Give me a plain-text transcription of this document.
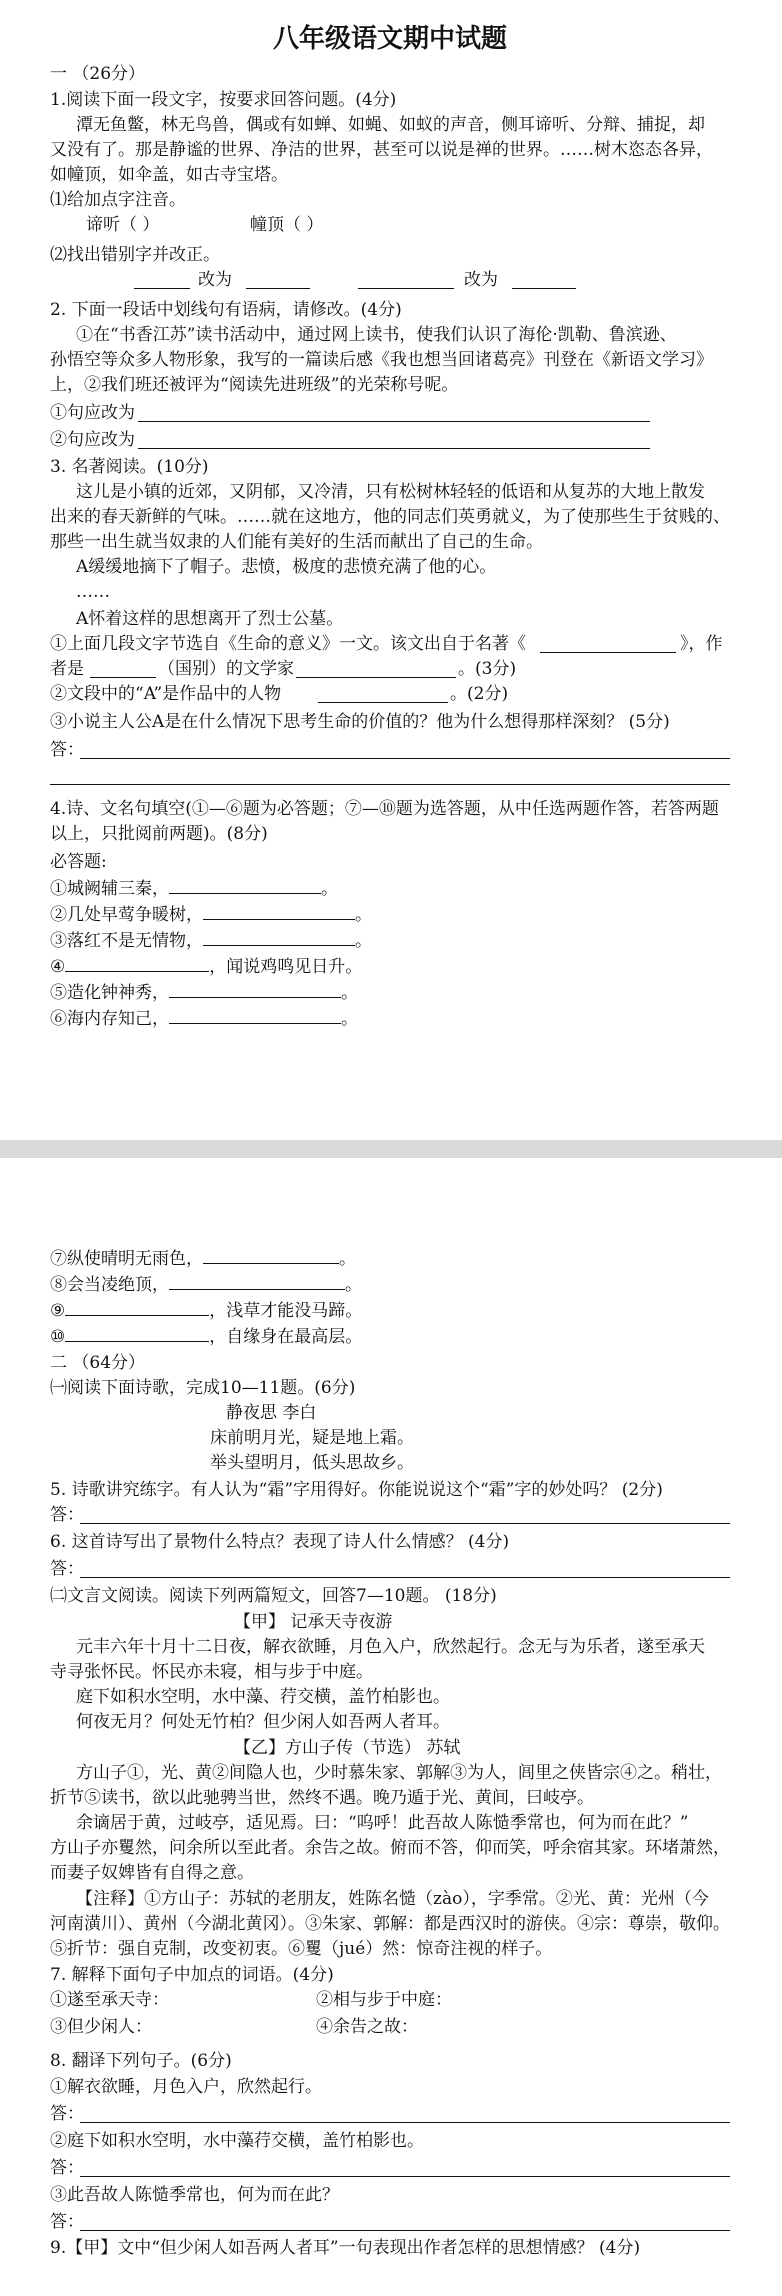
八年级语文期中试题
一 （26分）
1.阅读下面一段文字，按要求回答问题。(4分)
潭无鱼鳖，林无鸟兽，偶或有如蝉、如蝇、如蚁的声音，侧耳谛听、分辩、捕捉，却
又没有了。那是静谧的世界、净洁的世界，甚至可以说是禅的世界。……树木恣态各异，
如幢顶，如伞盖，如古寺宝塔。
⑴给加点字注音。
谛听（ ）	幢顶（ ）
⑵找出错别字并改正。
改为	改为
2. 下面一段话中划线句有语病，请修改。(4分)
①在“书香江苏”读书活动中，通过网上读书，使我们认识了海伦·凯勒、鲁滨逊、
孙悟空等众多人物形象，我写的一篇读后感《我也想当回诸葛亮》刊登在《新语文学习》
上，②我们班还被评为“阅读先进班级”的光荣称号呢。
①句应改为
②句应改为
3. 名著阅读。(10分)
这儿是小镇的近郊，又阴郁，又冷清，只有松树林轻轻的低语和从复苏的大地上散发
出来的春天新鲜的气味。……就在这地方，他的同志们英勇就义，为了使那些生于贫贱的、
那些一出生就当奴隶的人们能有美好的生活而献出了自己的生命。
A缓缓地摘下了帽子。悲愤，极度的悲愤充满了他的心。
……
A怀着这样的思想离开了烈士公墓。
①上面几段文字节选自《生命的意义》一文。该文出自于名著《	》，作
者是	（国别）的文学家	。(3分)
②文段中的“A”是作品中的人物	。(2分)
③小说主人公A是在什么情况下思考生命的价值的？他为什么想得那样深刻？ (5分)
答：
4.诗、文名句填空(①—⑥题为必答题；⑦—⑩题为选答题，从中任选两题作答，若答两题
以上，只批阅前两题)。(8分)
必答题:
①城阙辅三秦，	。
②几处早莺争暖树，	。
③落红不是无情物，	。
④	，闻说鸡鸣见日升。
⑤造化钟神秀，	。
⑥海内存知己，	。
⑦纵使晴明无雨色，	。
⑧会当凌绝顶，	。
⑨	，浅草才能没马蹄。
⑩	，自缘身在最高层。
二 （64分）
㈠阅读下面诗歌，完成10—11题。(6分)
静夜思 李白
床前明月光，疑是地上霜。
举头望明月，低头思故乡。
5. 诗歌讲究练字。有人认为“霜”字用得好。你能说说这个“霜”字的妙处吗？ (2分)
答：
6. 这首诗写出了景物什么特点？表现了诗人什么情感？ (4分)
答：
㈡文言文阅读。阅读下列两篇短文，回答7—10题。 (18分)
【甲】 记承天寺夜游
元丰六年十月十二日夜，解衣欲睡，月色入户，欣然起行。念无与为乐者，遂至承天
寺寻张怀民。怀民亦未寝，相与步于中庭。
庭下如积水空明，水中藻、荇交横，盖竹柏影也。
何夜无月？何处无竹柏？但少闲人如吾两人者耳。
【乙】方山子传（节选） 苏轼
方山子①，光、黄②间隐人也，少时慕朱家、郭解③为人，闾里之侠皆宗④之。稍壮，
折节⑤读书，欲以此驰骋当世，然终不遇。晚乃遁于光、黄间，曰岐亭。
余谪居于黄，过岐亭，适见焉。曰：“呜呼！此吾故人陈慥季常也，何为而在此？”
方山子亦矍然，问余所以至此者。余告之故。俯而不答，仰而笑，呼余宿其家。环堵萧然，
而妻子奴婢皆有自得之意。
【注释】①方山子：苏轼的老朋友，姓陈名慥（zào），字季常。②光、黄：光州（今
河南潢川）、黄州（今湖北黄冈）。③朱家、郭解：都是西汉时的游侠。④宗：尊崇，敬仰。
⑤折节：强自克制，改变初衷。⑥矍（jué）然：惊奇注视的样子。
7. 解释下面句子中加点的词语。(4分)
①遂至承天寺：	②相与步于中庭：
③但少闲人：	④余告之故：
8. 翻译下列句子。(6分)
①解衣欲睡，月色入户，欣然起行。
答：
②庭下如积水空明，水中藻荇交横，盖竹柏影也。
答：
③此吾故人陈慥季常也，何为而在此？
答：
9.【甲】文中“但少闲人如吾两人者耳”一句表现出作者怎样的思想情感？ (4分)
